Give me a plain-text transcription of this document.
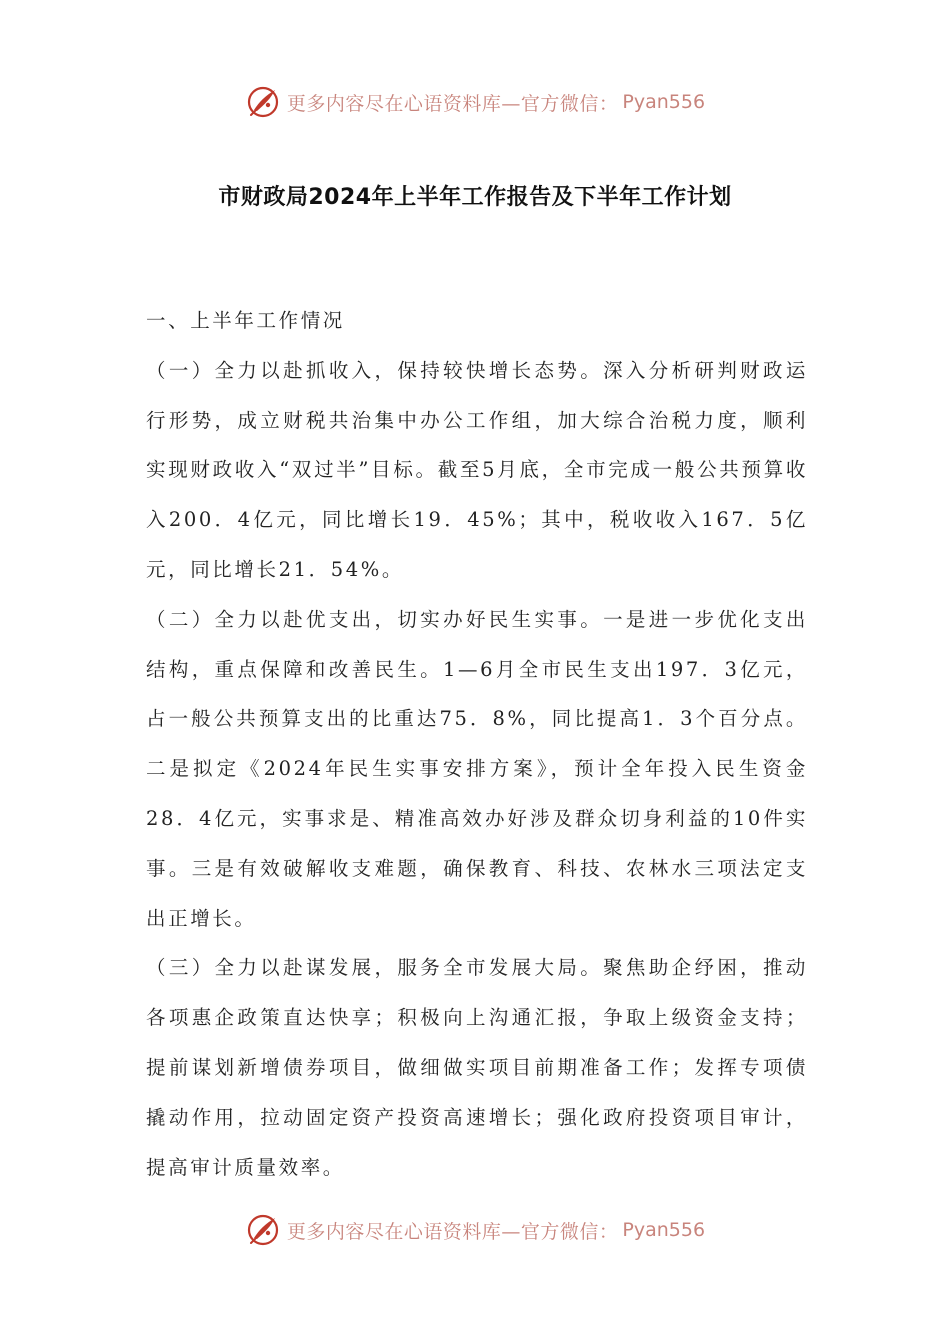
更多内容尽在心语资料库—官方微信： Pyan556
市财政局2024年上半年工作报告及下半年工作计划

一、上半年工作情况

（一）全力以赴抓收入，保持较快增长态势。深入分析研判财政运行形势，成立财税共治集中办公工作组，加大综合治税力度，顺利实现财政收入“双过半”目标。截至5月底，全市完成一般公共预算收入200．4亿元，同比增长19．45%；其中，税收收入167．5亿元，同比增长21．54%。

（二）全力以赴优支出，切实办好民生实事。一是进一步优化支出结构，重点保障和改善民生。1—6月全市民生支出197．3亿元，占一般公共预算支出的比重达75．8%，同比提高1．3个百分点。二是拟定《2024年民生实事安排方案》，预计全年投入民生资金28．4亿元，实事求是、精准高效办好涉及群众切身利益的10件实事。三是有效破解收支难题，确保教育、科技、农林水三项法定支出正增长。

（三）全力以赴谋发展，服务全市发展大局。聚焦助企纾困，推动各项惠企政策直达快享；积极向上沟通汇报，争取上级资金支持；提前谋划新增债券项目，做细做实项目前期准备工作；发挥专项债撬动作用，拉动固定资产投资高速增长；强化政府投资项目审计，提高审计质量效率。

更多内容尽在心语资料库—官方微信： Pyan556
